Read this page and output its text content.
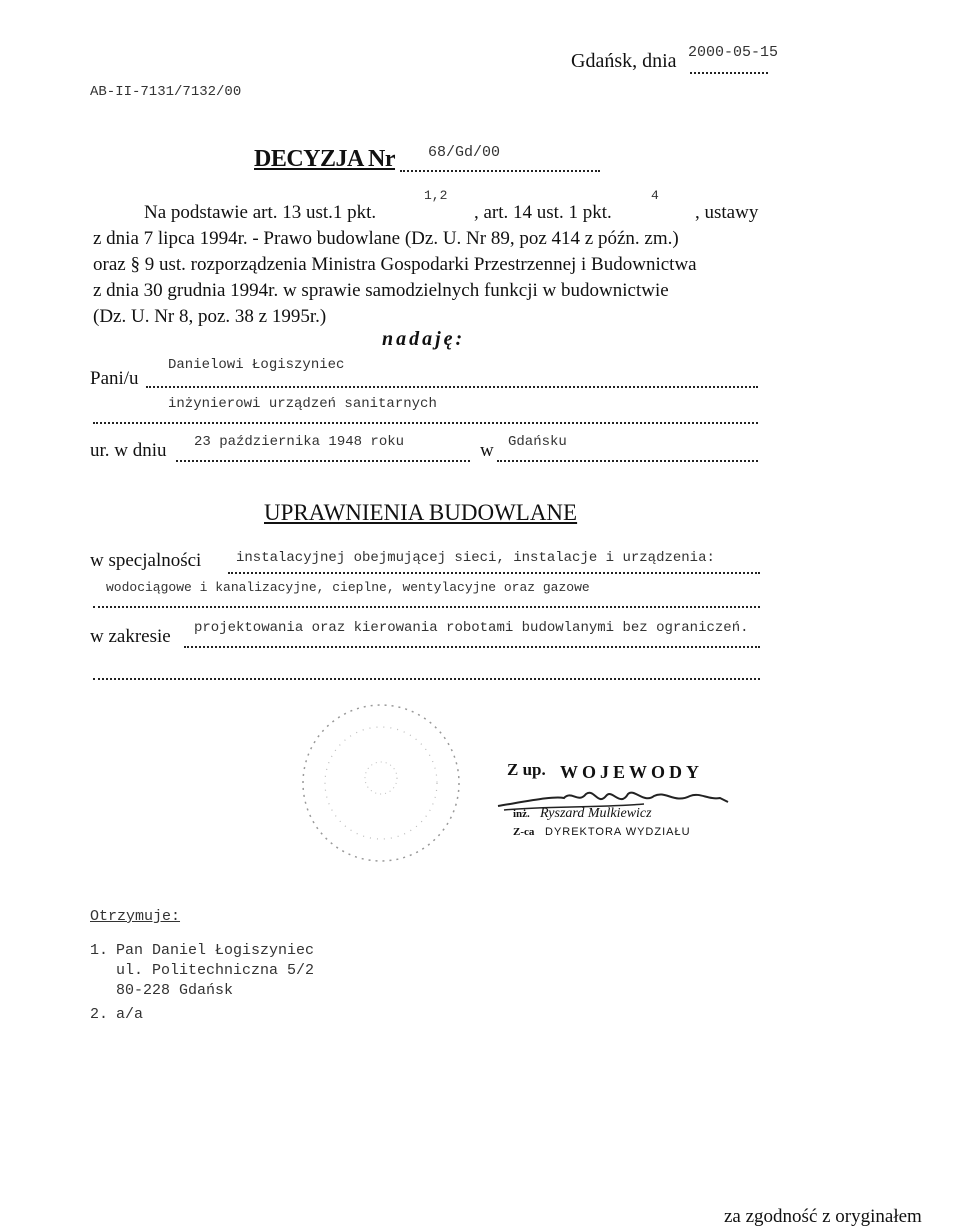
Gdańsk, dnia 2000-05-15
AB-II-7131/7132/00
DECYZJA Nr 68/Gd/00
Na podstawie art. 13 ust.1 pkt.
1,2
, art. 14 ust. 1 pkt.
4
, ustawy
z dnia 7 lipca 1994r. - Prawo budowlane (Dz. U. Nr 89, poz 414 z późn. zm.)
oraz § 9 ust. rozporządzenia Ministra Gospodarki Przestrzennej i Budownictwa
z dnia 30 grudnia 1994r. w sprawie samodzielnych funkcji w budownictwie
(Dz. U. Nr 8, poz. 38 z 1995r.)
nadaję:
Pani/u
Danielowi Łogiszyniec
inżynierowi urządzeń sanitarnych
ur. w dniu 23 października 1948 roku	w Gdańsku
UPRAWNIENIA BUDOWLANE
w specjalności instalacyjnej obejmującej sieci, instalacje i urządzenia:
wodociągowe i kanalizacyjne, cieplne, wentylacyjne oraz gazowe
w zakresie projektowania oraz kierowania robotami budowlanymi bez ograniczeń.
Z up. WOJEWODY
inż. Ryszard Mulkiewicz
Z-ca DYREKTORA WYDZIAŁU
Otrzymuje:
1. Pan Daniel Łogiszyniec
ul. Politechniczna 5/2
80-228 Gdańsk
2. a/a
za zgodność z oryginałem
